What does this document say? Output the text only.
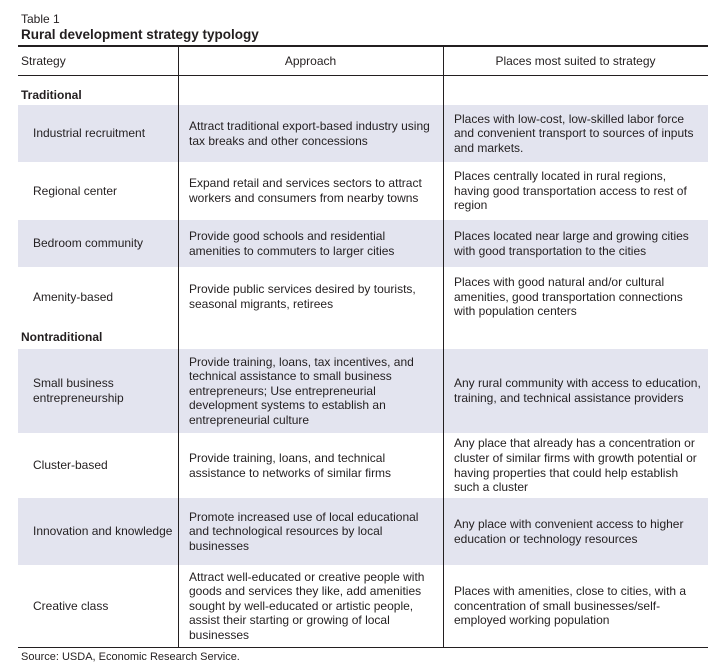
Table 1
Rural development strategy typology
Strategy	Approach	Places most suited to strategy
Traditional
Industrial recruitment
Attract traditional export-based industry using tax breaks and other concessions
Places with low-cost, low-skilled labor force and convenient transport to sources of inputs and markets.
Regional center
Expand retail and services sectors to attract workers and consumers from nearby towns
Places centrally located in rural regions, having good transportation access to rest of region
Bedroom community
Provide good schools and residential amenities to commuters to larger cities
Places located near large and growing cities with good transportation to the cities
Amenity-based
Provide public services desired by tourists, seasonal migrants, retirees
Places with good natural and/or cultural amenities, good transportation connections with population centers
Nontraditional
Small business entrepreneurship
Provide training, loans, tax incentives, and technical assistance to small business entrepreneurs; Use entrepreneurial development systems to establish an entrepreneurial culture
Any rural community with access to education, training, and technical assistance providers
Cluster-based
Provide training, loans, and technical assistance to networks of similar firms
Any place that already has a concentration or cluster of similar firms with growth potential or having properties that could help establish such a cluster
Innovation and knowledge
Promote increased use of local educational and technological resources by local businesses
Any place with convenient access to higher education or technology resources
Creative class
Attract well-educated or creative people with goods and services they like, add amenities sought by well-educated or artistic people, assist their starting or growing of local businesses
Places with amenities, close to cities, with a concentration of small businesses/self-employed working population
Source: USDA, Economic Research Service.
